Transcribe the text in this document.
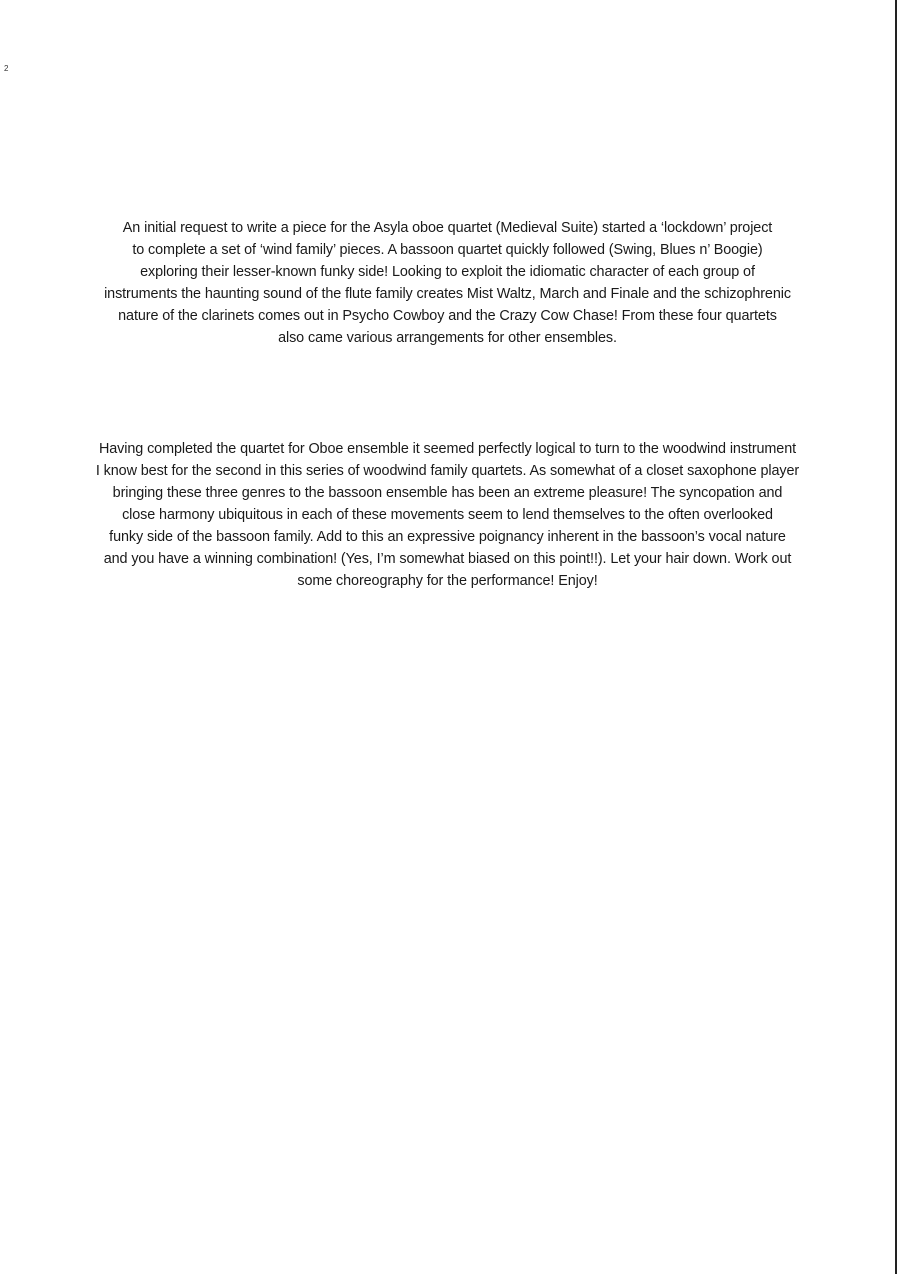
2
An initial request to write a piece for the Asyla oboe quartet (Medieval Suite) started a ‘lockdown’ project
to complete a set of ‘wind family’ pieces. A bassoon quartet quickly followed (Swing, Blues n’ Boogie)
exploring their lesser-known funky side! Looking to exploit the idiomatic character of each group of
instruments the haunting sound of the flute family creates Mist Waltz, March and Finale and the schizophrenic
nature of the clarinets comes out in Psycho Cowboy and the Crazy Cow Chase! From these four quartets
also came various arrangements for other ensembles.
Having completed the quartet for Oboe ensemble it seemed perfectly logical to turn to the woodwind instrument
I know best for the second in this series of woodwind family quartets. As somewhat of a closet saxophone player
bringing these three genres to the bassoon ensemble has been an extreme pleasure! The syncopation and
close harmony ubiquitous in each of these movements seem to lend themselves to the often overlooked
funky side of the bassoon family. Add to this an expressive poignancy inherent in the bassoon’s vocal nature
and you have a winning combination! (Yes, I’m somewhat biased on this point!!). Let your hair down. Work out
some choreography for the performance! Enjoy!
